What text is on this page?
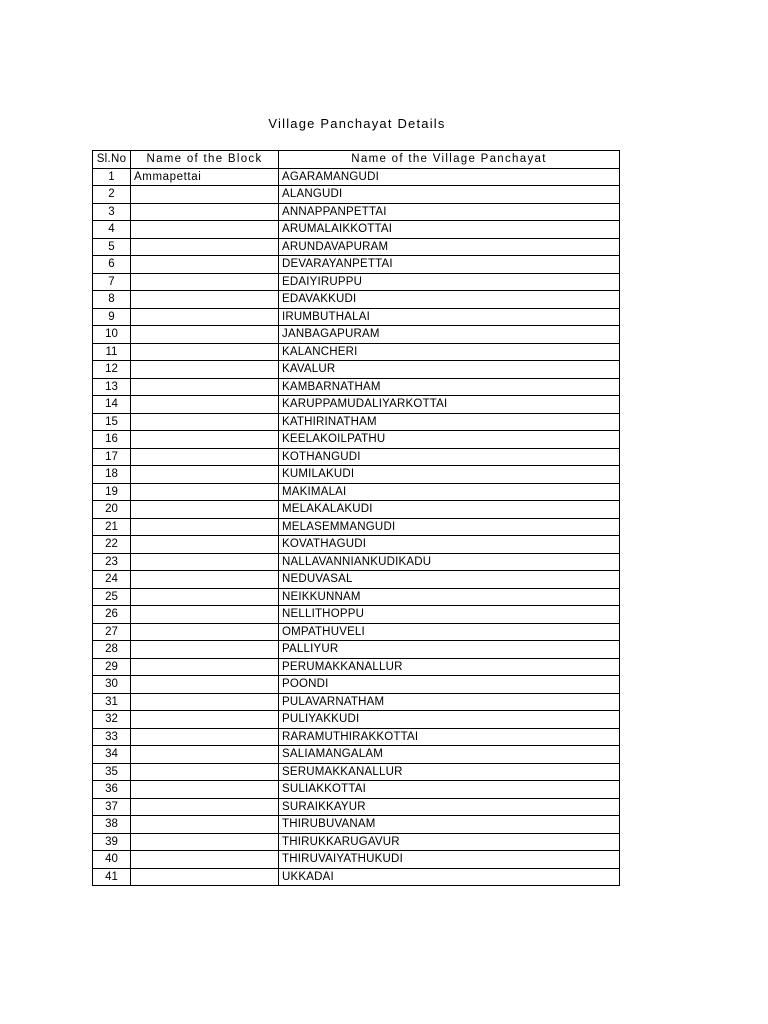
Village Panchayat Details
Sl.No	Name of the Block	Name of the Village Panchayat
1	Ammapettai	AGARAMANGUDI
2		ALANGUDI
3		ANNAPPANPETTAI
4		ARUMALAIKKOTTAI
5		ARUNDAVAPURAM
6		DEVARAYANPETTAI
7		EDAIYIRUPPU
8		EDAVAKKUDI
9		IRUMBUTHALAI
10		JANBAGAPURAM
11		KALANCHERI
12		KAVALUR
13		KAMBARNATHAM
14		KARUPPAMUDALIYARKOTTAI
15		KATHIRINATHAM
16		KEELAKOILPATHU
17		KOTHANGUDI
18		KUMILAKUDI
19		MAKIMALAI
20		MELAKALAKUDI
21		MELASEMMANGUDI
22		KOVATHAGUDI
23		NALLAVANNIANKUDIKADU
24		NEDUVASAL
25		NEIKKUNNAM
26		NELLITHOPPU
27		OMPATHUVELI
28		PALLIYUR
29		PERUMAKKANALLUR
30		POONDI
31		PULAVARNATHAM
32		PULIYAKKUDI
33		RARAMUTHIRAKKOTTAI
34		SALIAMANGALAM
35		SERUMAKKANALLUR
36		SULIAKKOTTAI
37		SURAIKKAYUR
38		THIRUBUVANAM
39		THIRUKKARUGAVUR
40		THIRUVAIYATHUKUDI
41		UKKADAI
